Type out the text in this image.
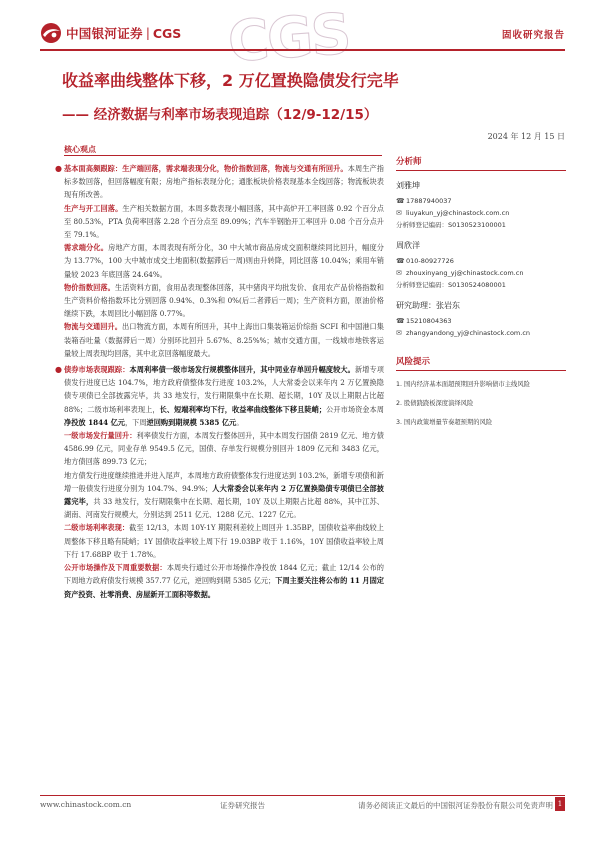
中国银河证券 | CGS CGS	固收研究报告
收益率曲线整体下移，2 万亿置换隐债发行完毕
—— 经济数据与利率市场表现追踪（12/9-12/15）
2024 年 12 月 15 日
核心观点

● 基本面高频跟踪：生产端回落，需求端表现分化，物价指数回落，物流与交通有所回升。本周生产指标多数回落，但回落幅度有限；房地产指标表现分化；通胀板块价格表现基本全线回落；物流板块表现有所改善。

生产与开工回落。生产相关数据方面，本周多数表现小幅回落，其中高炉开工率回落 0.92 个百分点至 80.53%，PTA 负荷率回落 2.28 个百分点至 89.09%；汽车半钢胎开工率回升 0.08 个百分点升至 79.1%。

需求端分化。房地产方面，本周表现有所分化，30 中大城市商品房成交面积继续同比回升，幅度分为 13.77%，100 大中城市成交土地面积(数据滞后一周)则由升转降，同比回落 10.04%；乘用车销量较 2023 年底回落 24.64%。

物价指数回落。生活资料方面，食用品表现整体回落，其中猪肉平均批发价、食用农产品价格指数和生产资料价格指数环比分别回落 0.94%、0.3%和 0%(后二者滞后一周)；生产资料方面，原油价格继续下跌，本周回比小幅回落 0.77%。

物流与交通回升。出口物流方面，本周有所回升，其中上海出口集装箱运价综指 SCFI 和中国港口集装箱吞吐量（数据滞后一周）分别环比回升 5.67%、8.25%%；城市交通方面，一线城市地铁客运量较上周表现均回落，其中北京回落幅度最大。

● 债券市场表现跟踪：本周利率债一级市场发行规模整体回升，其中同业存单回升幅度较大。新增专项债发行进度已达 104.7%，地方政府债整体发行进度 103.2%，人大常委会以来年内 2 万亿置换隐债专项债已全部披露完毕，共 33 地发行，发行期限集中在长期、超长期，10Y 及以上期限占比超 88%；二级市场利率表现上，长、短端利率均下行，收益率曲线整体下移且陡峭；公开市场资金本周净投放 1844 亿元，下周逆回购到期规模 5385 亿元。

一级市场发行量回升：利率债发行方面，本周发行整体回升，其中本周发行国债 2819 亿元、地方债 4586.99 亿元，同业存单 9549.5 亿元，国债、存单发行规模分别回升 1809 亿元和 3483 亿元，地方债回落 899.73 亿元；

地方债发行进度继续推进并进入尾声，本周地方政府债整体发行进度达到 103.2%，新增专项债和新增一般债发行进度分别为 104.7%、94.9%；人大常委会以来年内 2 万亿置换隐债专项债已全部披露完毕，共 33 地发行，发行期限集中在长期、超长期，10Y 及以上期限占比超 88%，其中江苏、湖南、河南发行规模大，分别达到 2511 亿元、1288 亿元、1227 亿元。

二级市场利率表现：截至 12/13，本周 10Y-1Y 期限利差较上周回升 1.35BP，国债收益率曲线较上周整体下移且略有陡峭；1Y 国债收益率较上周下行 19.03BP 收于 1.16%，10Y 国债收益率较上周下行 17.68BP 收于 1.78%。

公开市场操作及下周重要数据：本周央行通过公开市场操作净投放 1844 亿元；截止 12/14 公布的下周地方政府债发行规模 357.77 亿元，逆回购到期 5385 亿元；下周主要关注将公布的 11 月固定资产投资、社零消费、房屋新开工面积等数据。

分析师
刘雅坤
☎ 17887940037
✉ liuyakun_yj@chinastock.com.cn
分析师登记编码：S0130523100001
周欣洋
☎ 010-80927726
✉ zhouxinyang_yj@chinastock.com.cn
分析师登记编码：S0130524080001
研究助理：张岩东
☎ 15210804363
✉ zhangyandong_yj@chinastock.com.cn
风险提示
1. 国内经济基本面超预期回升影响债市主线风险
2. 股债跷跷板深度演绎风险
3. 国内政策增量节奏超预期的风险
www.chinastock.com.cn	证券研究报告	请务必阅读正文最后的中国银河证券股份有限公司免责声明 1
